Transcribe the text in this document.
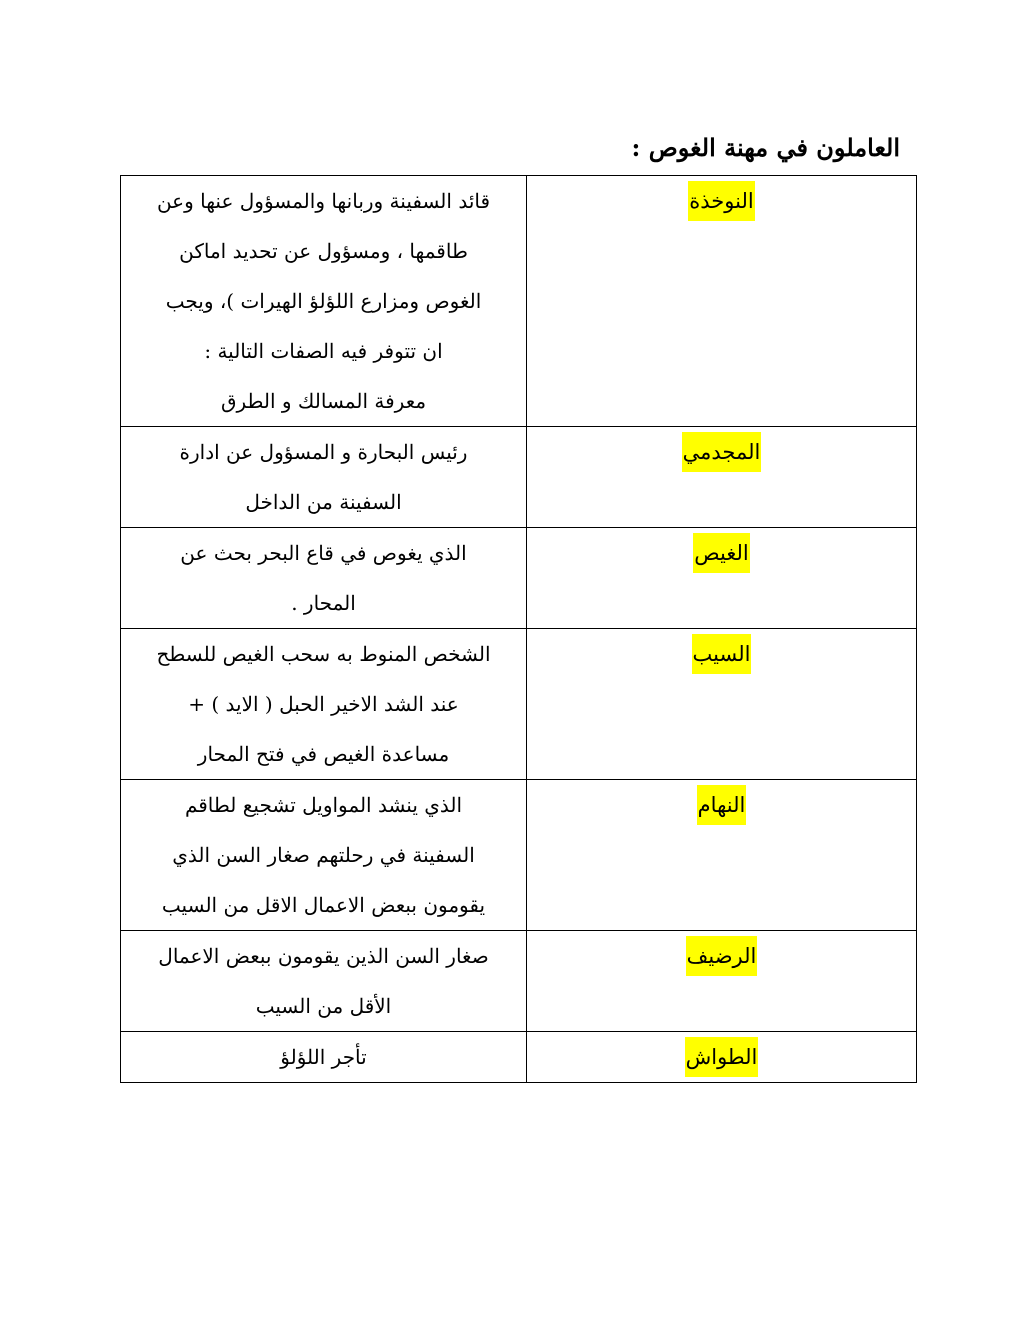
العاملون في مهنة الغوص :
النوخذة	قائد السفينة وربانها والمسؤول عنها وعن
طاقمها ، ومسؤول عن تحديد اماكن
الغوص ومزارع اللؤلؤ الهيرات )، ويجب
ان تتوفر فيه الصفات التالية :
معرفة المسالك و الطرق

المجدمي	رئيس البحارة و المسؤول عن ادارة
السفينة من الداخل

الغيص	الذي يغوص في قاع البحر بحث عن
المحار .

السيب	الشخص المنوط به سحب الغيص للسطح
عند الشد الاخير الحبل ( الايد ) +
مساعدة الغيص في فتح المحار

النهام	الذي ينشد المواويل تشجيع لطاقم
السفينة في رحلتهم صغار السن الذي
يقومون ببعض الاعمال الاقل من السيب

الرضيف	صغار السن الذين يقومون ببعض الاعمال
الأقل من السيب

الطواش	تأجر اللؤلؤ
